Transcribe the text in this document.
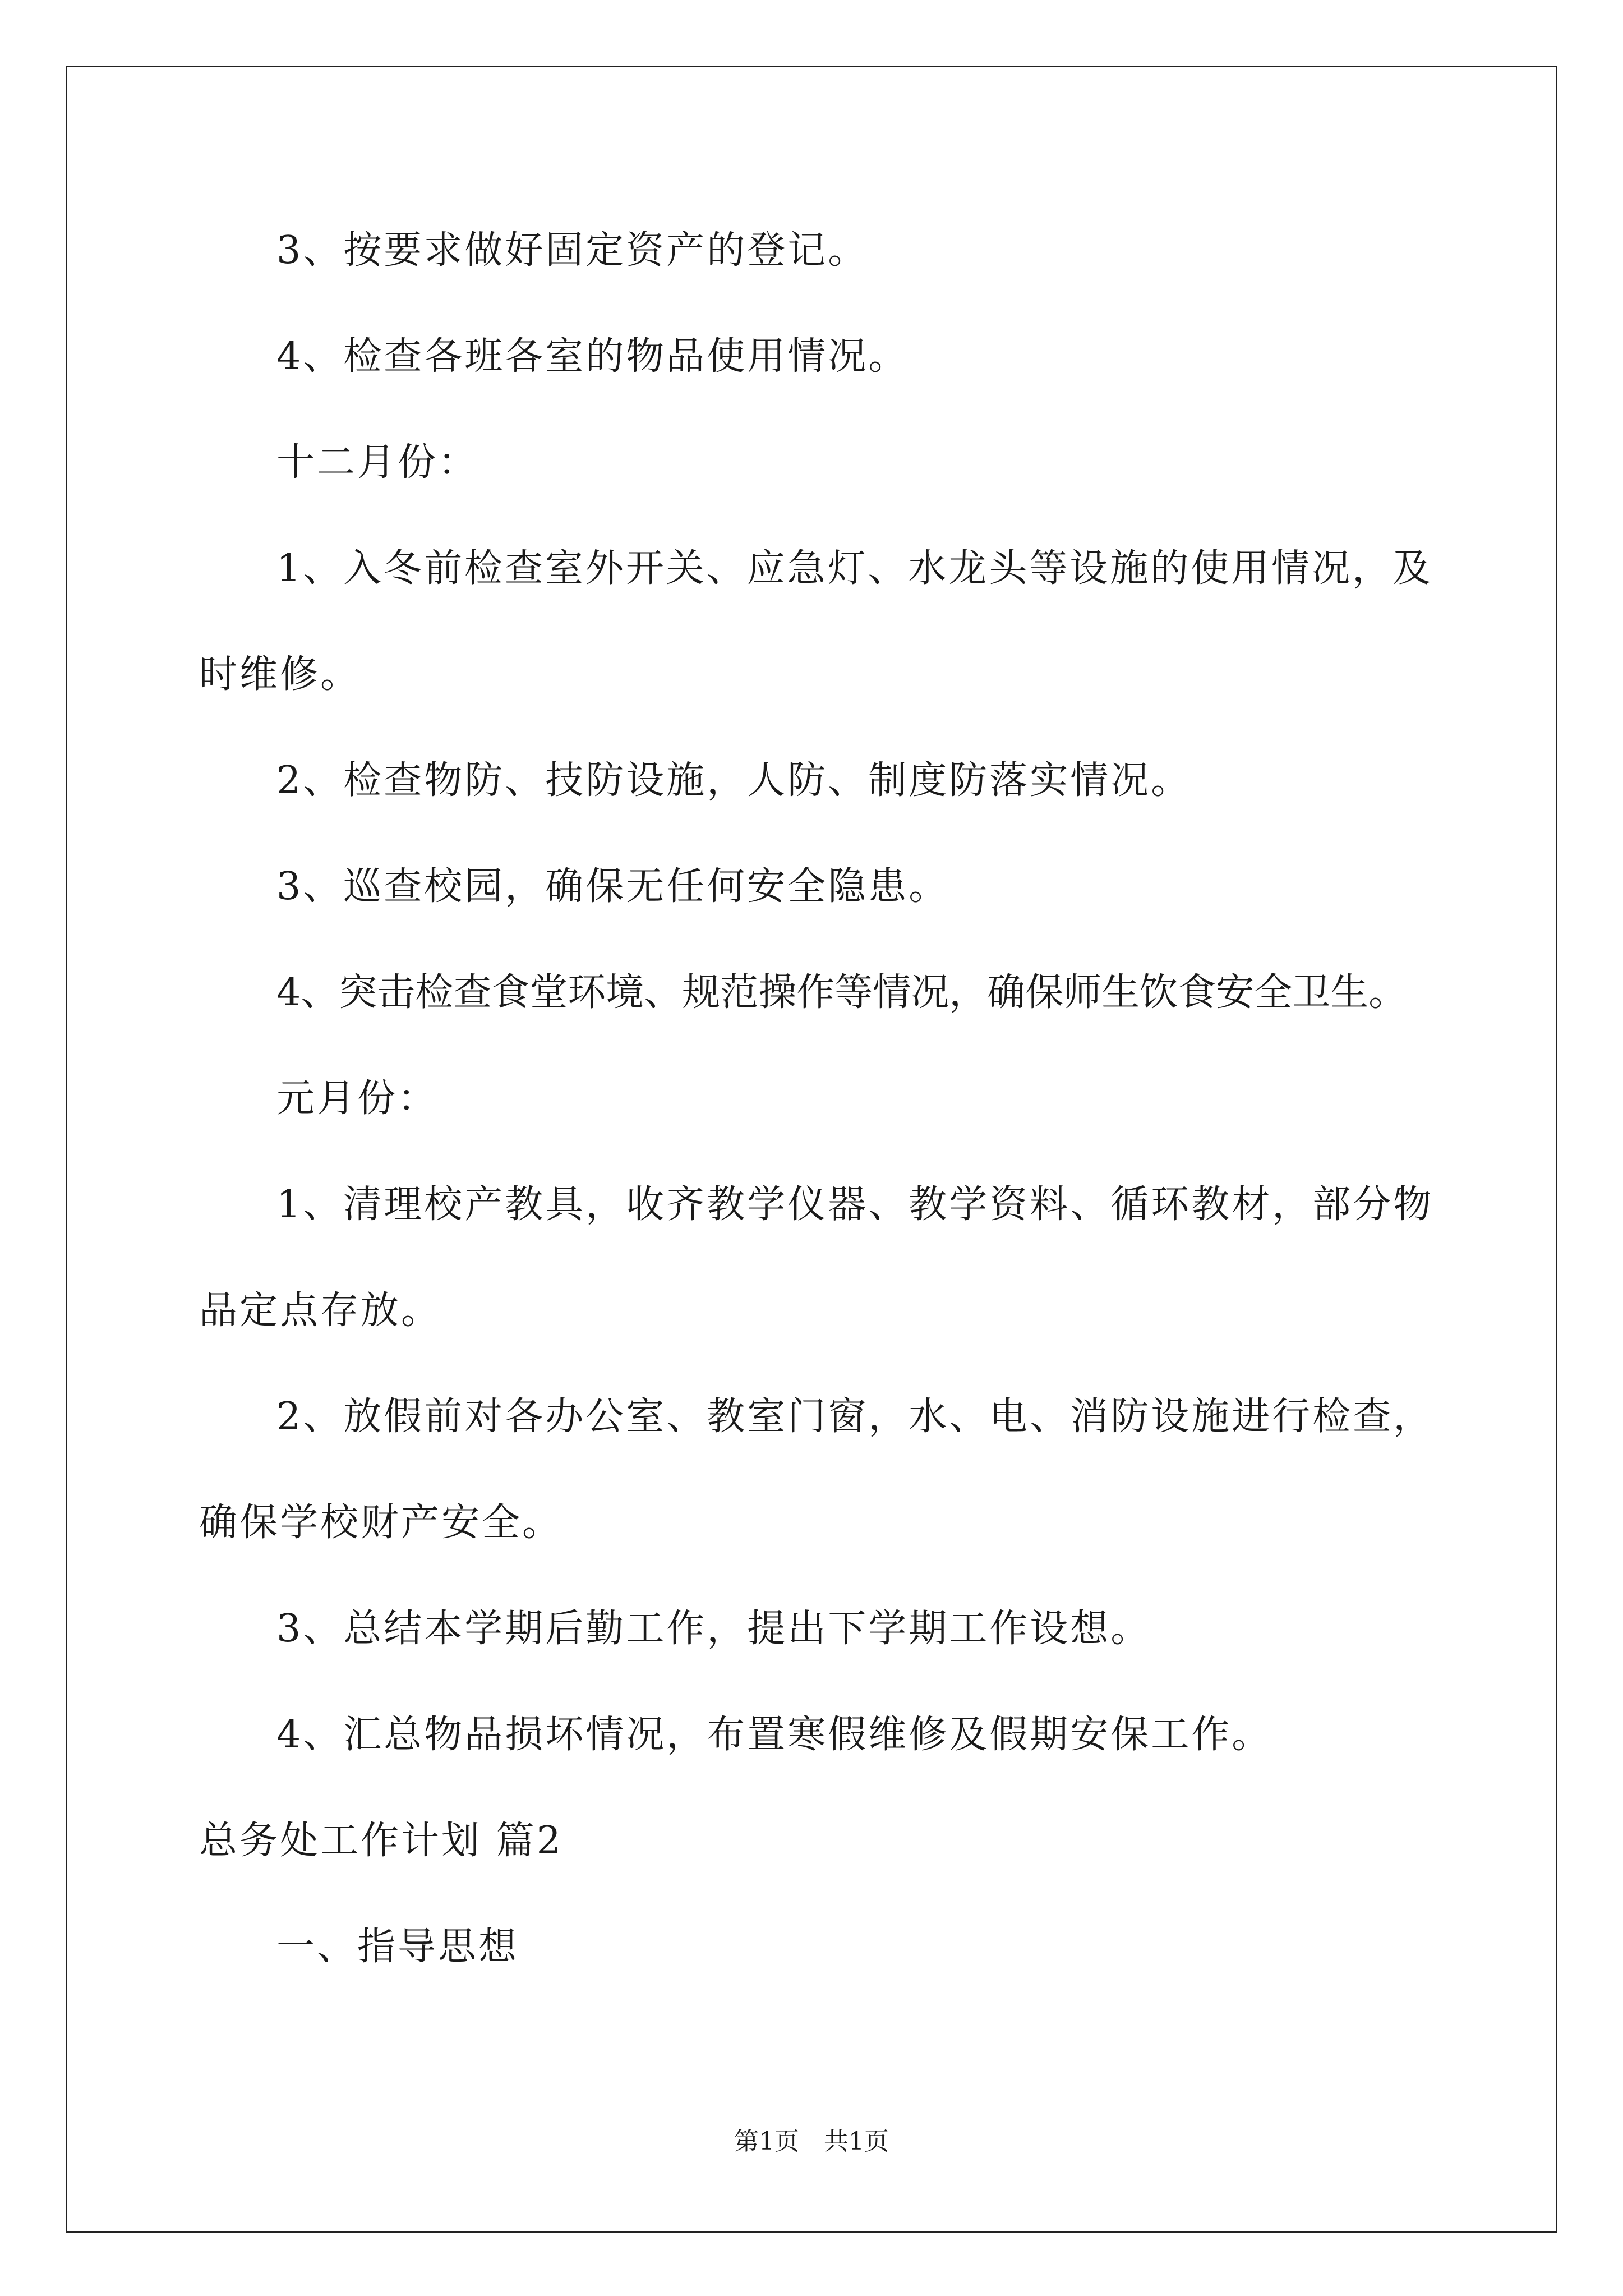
3、按要求做好固定资产的登记。
4、检查各班各室的物品使用情况。
十二月份：
1 、 入 冬 前 检 查 室 外 开 关 、 应 急 灯 、 水 龙 头 等 设 施 的 使 用 情 况 ， 及
时维修。
2、检查物防、技防设施，人防、制度防落实情况。
3、巡查校园，确保无任何安全隐患。
4、突击检查食堂环境、规范操作等情况，确保师生饮食安全卫生。
元月份：
1、清理校产教具，收齐教学仪器、教学资料、循环教材，部分物
品定点存放。
2、放假前对各办公室、教室门窗，水、电、消防设施进行检查，
确保学校财产安全。
3、总结本学期后勤工作，提出下学期工作设想。
4、汇总物品损坏情况，布置寒假维修及假期安保工作。
总务处工作计划 篇2
一、指导思想
第1页 共1页
